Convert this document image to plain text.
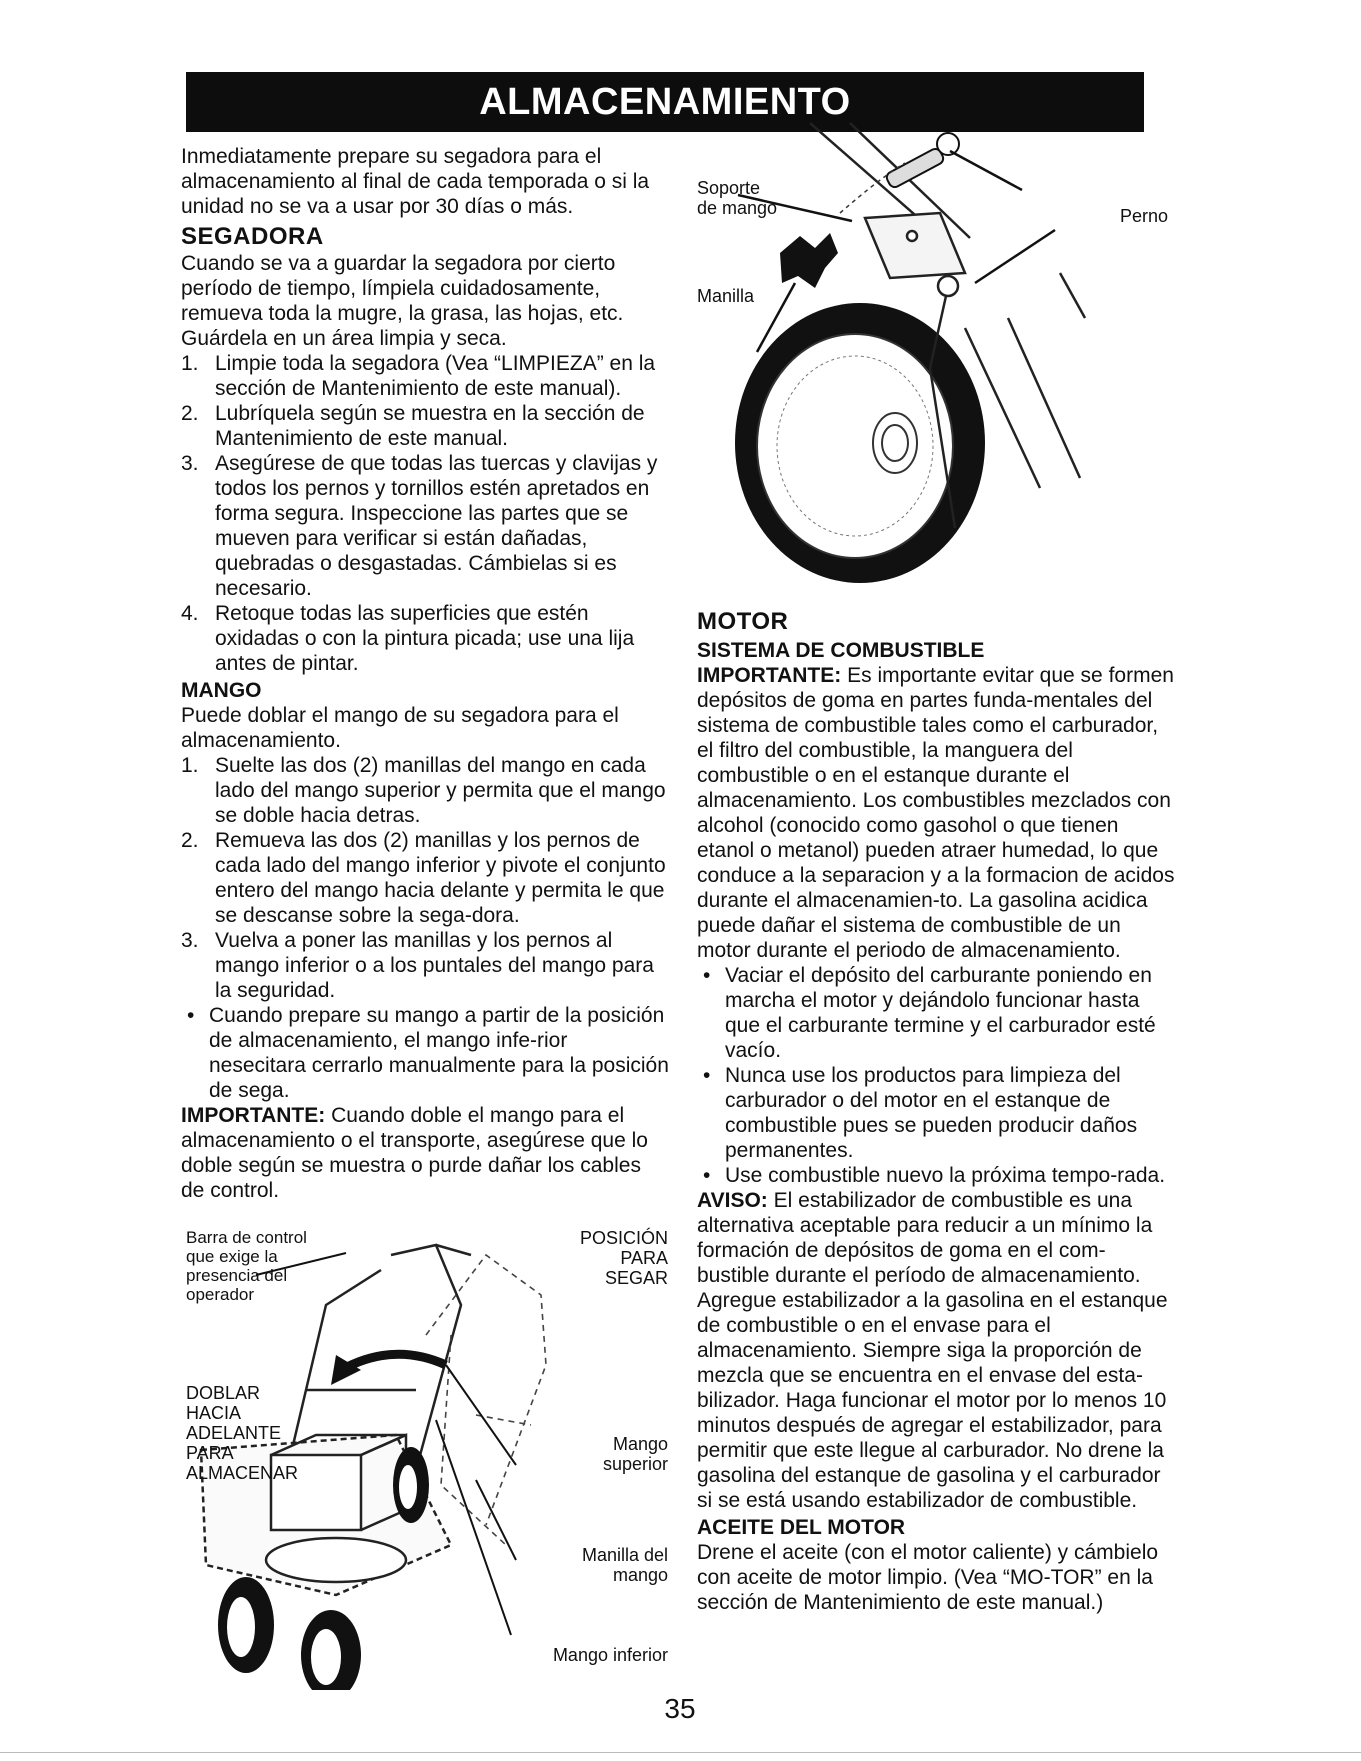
ALMACENAMIENTO

Inmediatamente prepare su segadora para el almacenamiento al final de cada temporada o si la unidad no se va a usar por 30 días o más.

SEGADORA

Cuando se va a guardar la segadora por cierto período de tiempo, límpiela cuidadosamente, remueva toda la mugre, la grasa, las hojas, etc. Guárdela en un área limpia y seca.

1. Limpie toda la segadora (Vea “LIMPIEZA” en la sección de Mantenimiento de este manual).
2. Lubríquela según se muestra en la sección de Mantenimiento de este manual.
3. Asegúrese de que todas las tuercas y clavijas y todos los pernos y tornillos estén apretados en forma segura. Inspeccione las partes que se mueven para verificar si están dañadas, quebradas o desgastadas. Cámbielas si es necesario.
4. Retoque todas las superficies que estén oxidadas o con la pintura picada; use una lija antes de pintar.
MANGO

Puede doblar el mango de su segadora para el almacenamiento.

1. Suelte las dos (2) manillas del mango en cada lado del mango superior y permita que el mango se doble hacia detras.
2. Remueva las dos (2) manillas y los pernos de cada lado del mango inferior y pivote el conjunto entero del mango hacia delante y permita le que se descanse sobre la sega-dora.
3. Vuelva a poner las manillas y los pernos al mango inferior o a los puntales del mango para la seguridad.
• Cuando prepare su mango a partir de la posición de almacenamiento, el mango infe-rior nesecitara cerrarlo manualmente para la posición de sega.

IMPORTANTE: Cuando doble el mango para el almacenamiento o el transporte, asegúrese que lo doble según se muestra o purde dañar los cables de control.

Soporte
de mango	Perno
Manilla
Barra de control
que exige la
presencia del
operador
POSICIÓN
PARA
SEGAR
DOBLAR
HACIA
ADELANTE
PARA
ALMACENAR
Mango
superior
Manilla del
mango
Mango inferior
MOTOR
SISTEMA DE COMBUSTIBLE

IMPORTANTE: Es importante evitar que se formen depósitos de goma en partes funda-mentales del sistema de combustible tales como el carburador, el filtro del combustible, la manguera del combustible o en el estanque durante el almacenamiento. Los combustibles mezclados con alcohol (conocido como gasohol o que tienen etanol o metanol) pueden atraer humedad, lo que conduce a la separacion y a la formacion de acidos durante el almacenamien-to. La gasolina acidica puede dañar el sistema de combustible de un motor durante el periodo de almacenamiento.

• Vaciar el depósito del carburante poniendo en marcha el motor y dejándolo funcionar hasta que el carburante termine y el carburador esté vacío.
• Nunca use los productos para limpieza del carburador o del motor en el estanque de combustible pues se pueden producir daños permanentes.
• Use combustible nuevo la próxima tempo-rada.

AVISO: El estabilizador de combustible es una alternativa aceptable para reducir a un mínimo la formación de depósitos de goma en el com-bustible durante el período de almacenamiento. Agregue estabilizador a la gasolina en el estanque de combustible o en el envase para el almacenamiento. Siempre siga la proporción de mezcla que se encuentra en el envase del esta-bilizador. Haga funcionar el motor por lo menos 10 minutos después de agregar el estabilizador, para permitir que este llegue al carburador. No drene la gasolina del estanque de gasolina y el carburador si se está usando estabilizador de combustible.

ACEITE DEL MOTOR

Drene el aceite (con el motor caliente) y cámbielo con aceite de motor limpio. (Vea “MO-TOR” en la sección de Mantenimiento de este manual.)

35
